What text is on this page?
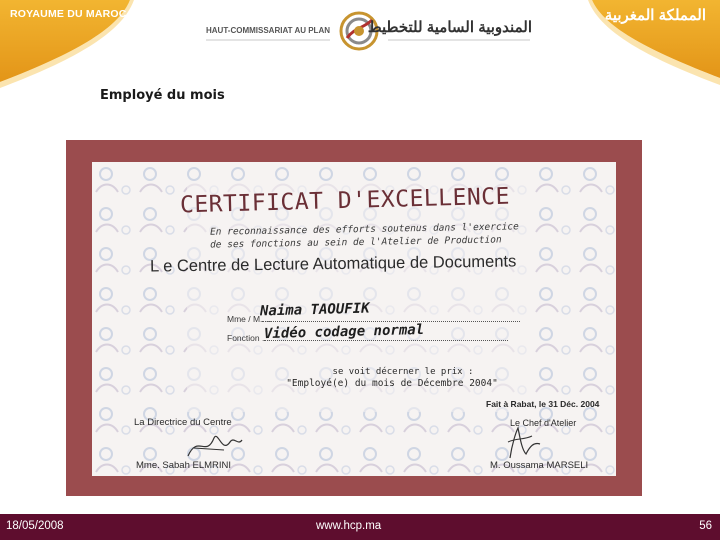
ROYAUME DU MAROC	المملكة المغربية
HAUT-COMMISSARIAT AU PLAN	المندوبية السامية للتخطيط
Employé du mois
CERTIFICAT D'EXCELLENCE
En reconnaissance des efforts soutenus dans l'exercice
de ses fonctions au sein de l'Atelier de Production
L e Centre de Lecture Automatique de Documents
Mme / M. ...
Naima TAOUFIK
Fonction ...
Vidéo codage normal
se voit décerner le prix :
"Employé(e) du mois de Décembre 2004"
Fait à Rabat, le 31 Déc. 2004
La Directrice du Centre	Le Chef d'Atelier
Mme. Sabah ELMRINI	M. Oussama MARSELI
18/05/2008	www.hcp.ma	56
